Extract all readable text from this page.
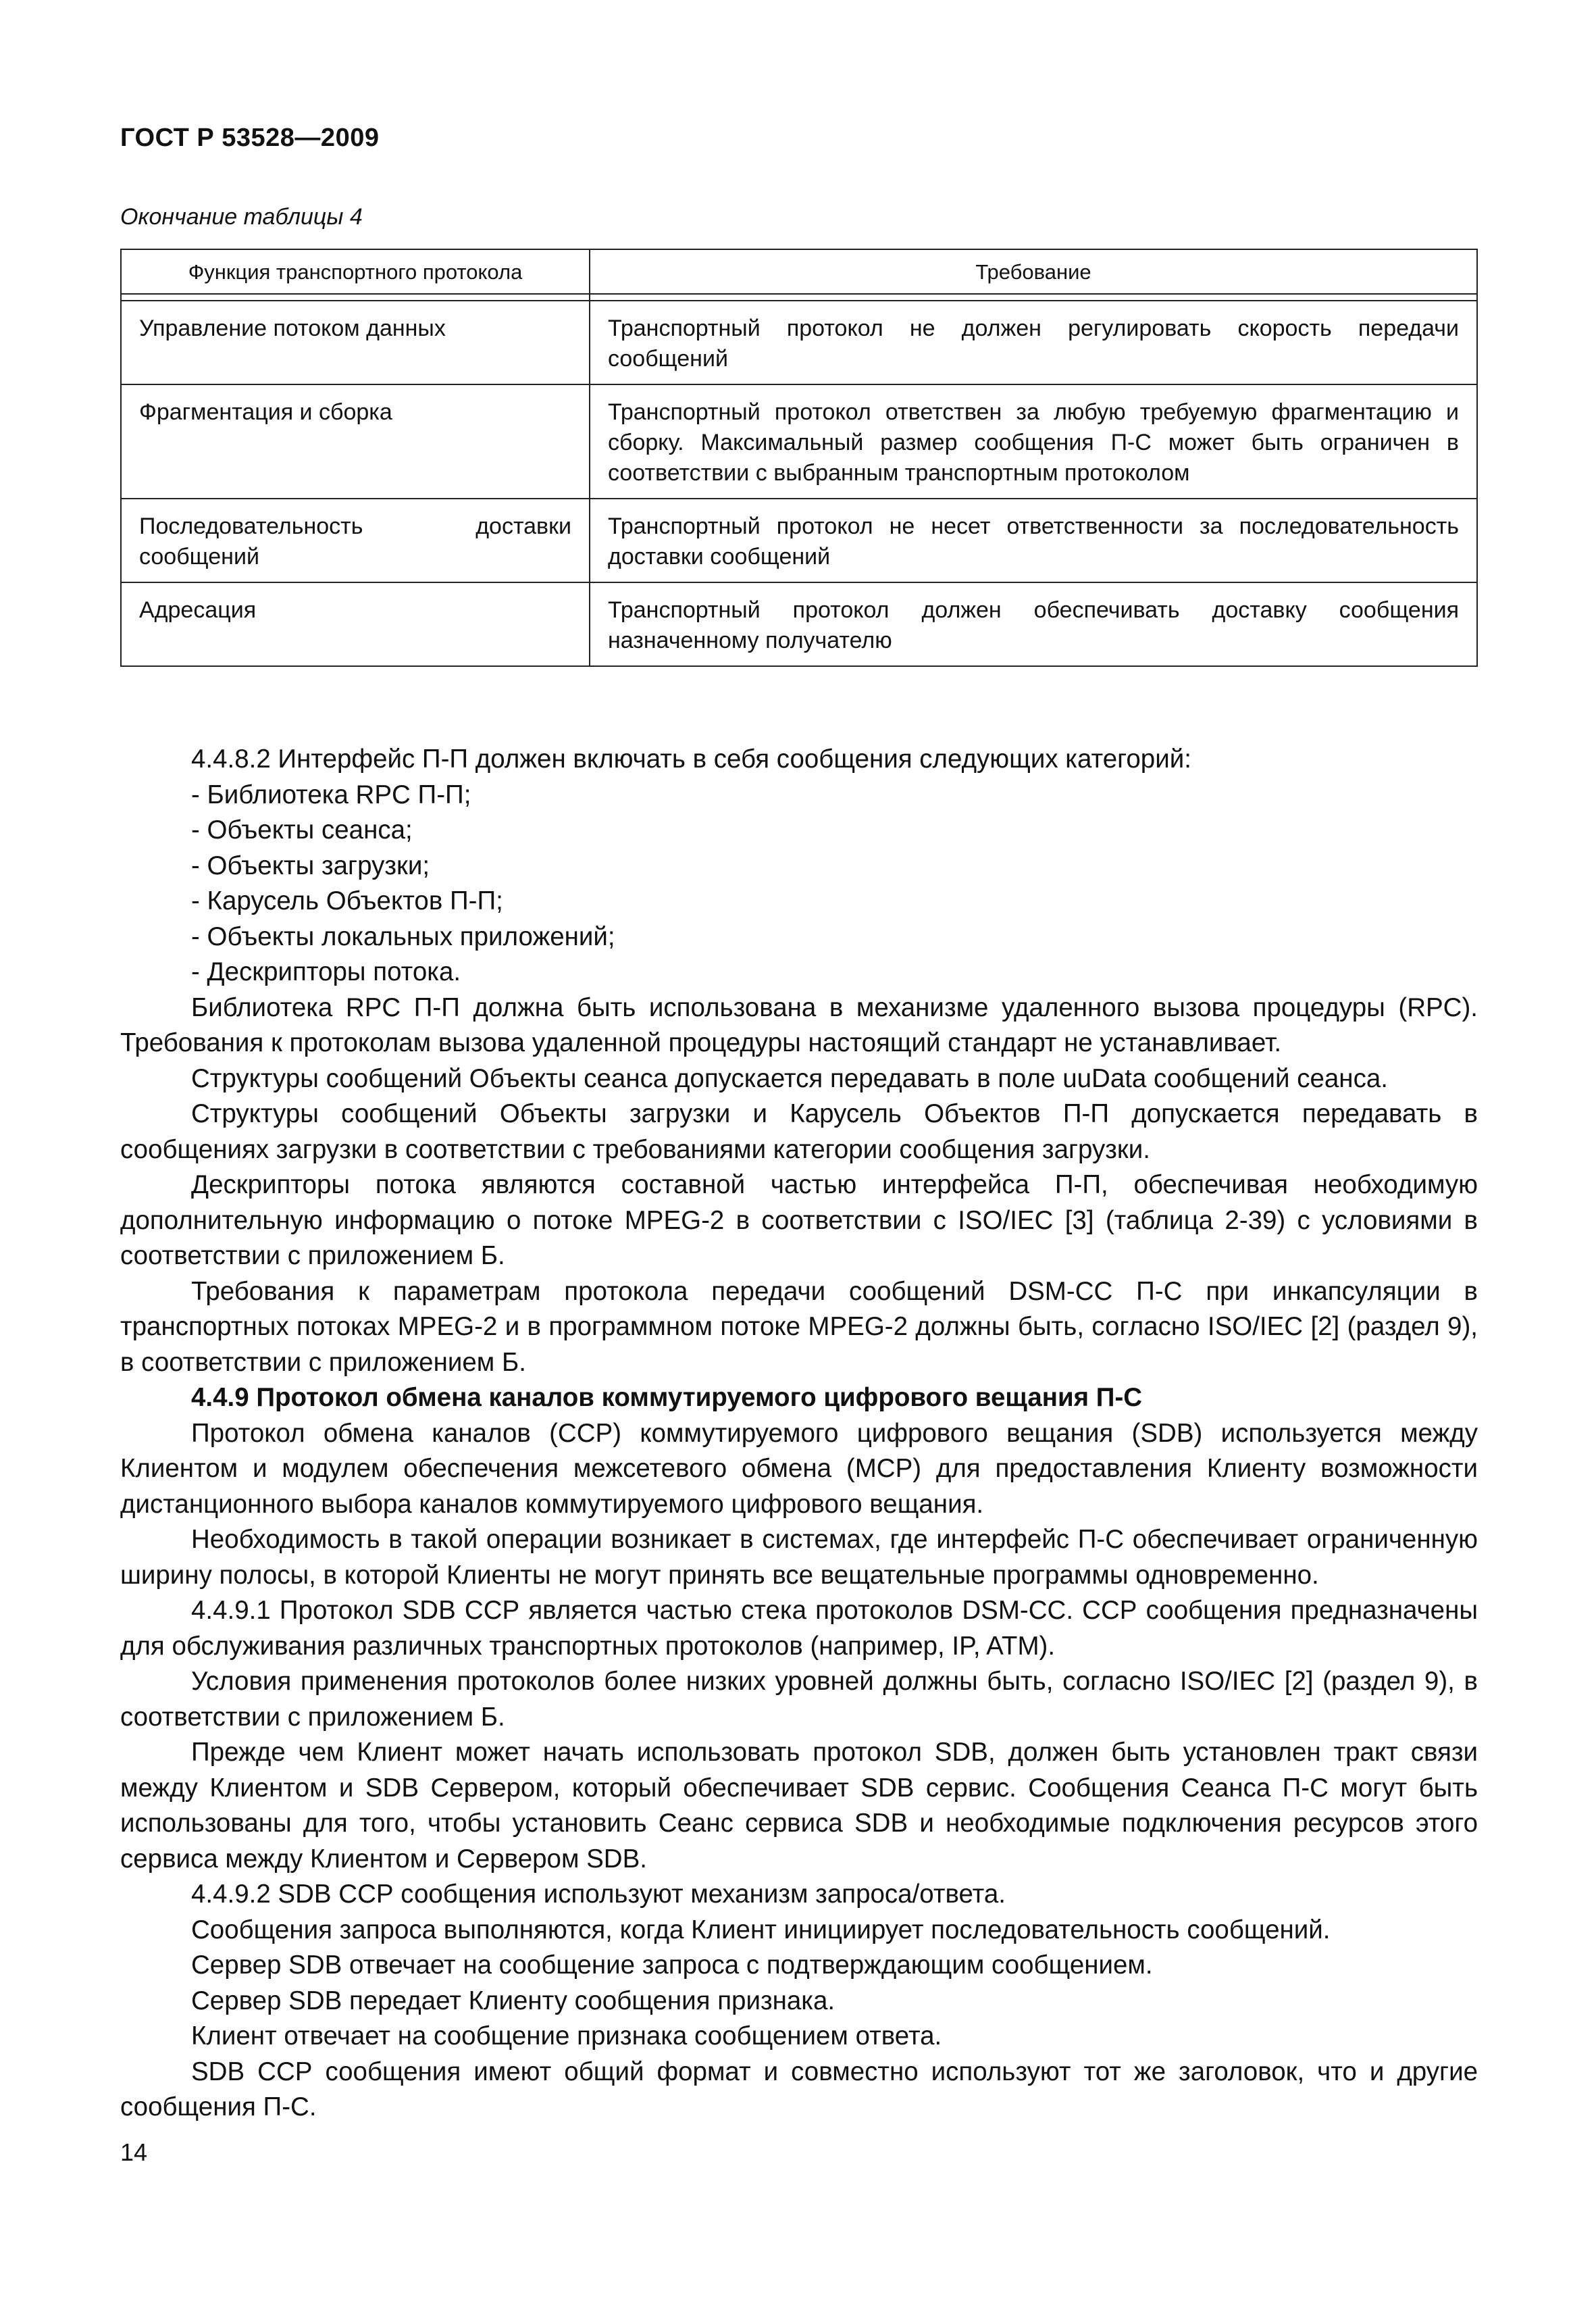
ГОСТ Р 53528—2009
Окончание таблицы 4
Функция транспортного протокола	Требование

Управление потоком данных	Транспортный протокол не должен регулировать скорость передачи сообщений
Фрагментация и сборка	Транспортный протокол ответствен за любую требуемую фрагментацию и сборку. Максимальный размер сообщения П-С может быть ограничен в соответствии с выбранным транспортным протоколом
Последовательность доставки сообщений	Транспортный протокол не несет ответственности за последовательность доставки сообщений
Адресация	Транспортный протокол должен обеспечивать доставку сообщения назначенному получателю

4.4.8.2 Интерфейс П-П должен включать в себя сообщения следующих категорий:

- Библиотека RPC П-П;

- Объекты сеанса;

- Объекты загрузки;

- Карусель Объектов П-П;

- Объекты локальных приложений;

- Дескрипторы потока.

Библиотека RPC П-П должна быть использована в механизме удаленного вызова процедуры (RPC). Требования к протоколам вызова удаленной процедуры настоящий стандарт не устанавливает.

Структуры сообщений Объекты сеанса допускается передавать в поле uuData сообщений сеанса.

Структуры сообщений Объекты загрузки и Карусель Объектов П-П допускается передавать в сообщениях загрузки в соответствии с требованиями категории сообщения загрузки.

Дескрипторы потока являются составной частью интерфейса П-П, обеспечивая необходимую дополнительную информацию о потоке MPEG-2 в соответствии с ISO/IEC [3] (таблица 2-39) с условиями в соответствии с приложением Б.

Требования к параметрам протокола передачи сообщений DSM-CC П-С при инкапсуляции в транспортных потоках MPEG-2 и в программном потоке MPEG-2 должны быть, согласно ISO/IEC [2] (раздел 9), в соответствии с приложением Б.

4.4.9 Протокол обмена каналов коммутируемого цифрового вещания П-С

Протокол обмена каналов (ССР) коммутируемого цифрового вещания (SDB) используется между Клиентом и модулем обеспечения межсетевого обмена (МСР) для предоставления Клиенту возможности дистанционного выбора каналов коммутируемого цифрового вещания.

Необходимость в такой операции возникает в системах, где интерфейс П-С обеспечивает ограниченную ширину полосы, в которой Клиенты не могут принять все вещательные программы одновременно.

4.4.9.1 Протокол SDB ССР является частью стека протоколов DSM-CC. ССР сообщения предназначены для обслуживания различных транспортных протоколов (например, IP, ATM).

Условия применения протоколов более низких уровней должны быть, согласно ISO/IEC [2] (раздел 9), в соответствии с приложением Б.

Прежде чем Клиент может начать использовать протокол SDB, должен быть установлен тракт связи между Клиентом и SDB Сервером, который обеспечивает SDB сервис. Сообщения Сеанса П-С могут быть использованы для того, чтобы установить Сеанс сервиса SDB и необходимые подключения ресурсов этого сервиса между Клиентом и Сервером SDB.

4.4.9.2 SDB ССР сообщения используют механизм запроса/ответа.

Сообщения запроса выполняются, когда Клиент инициирует последовательность сообщений.

Сервер SDB отвечает на сообщение запроса с подтверждающим сообщением.

Сервер SDB передает Клиенту сообщения признака.

Клиент отвечает на сообщение признака сообщением ответа.

SDB ССР сообщения имеют общий формат и совместно используют тот же заголовок, что и другие сообщения П-С.

14
